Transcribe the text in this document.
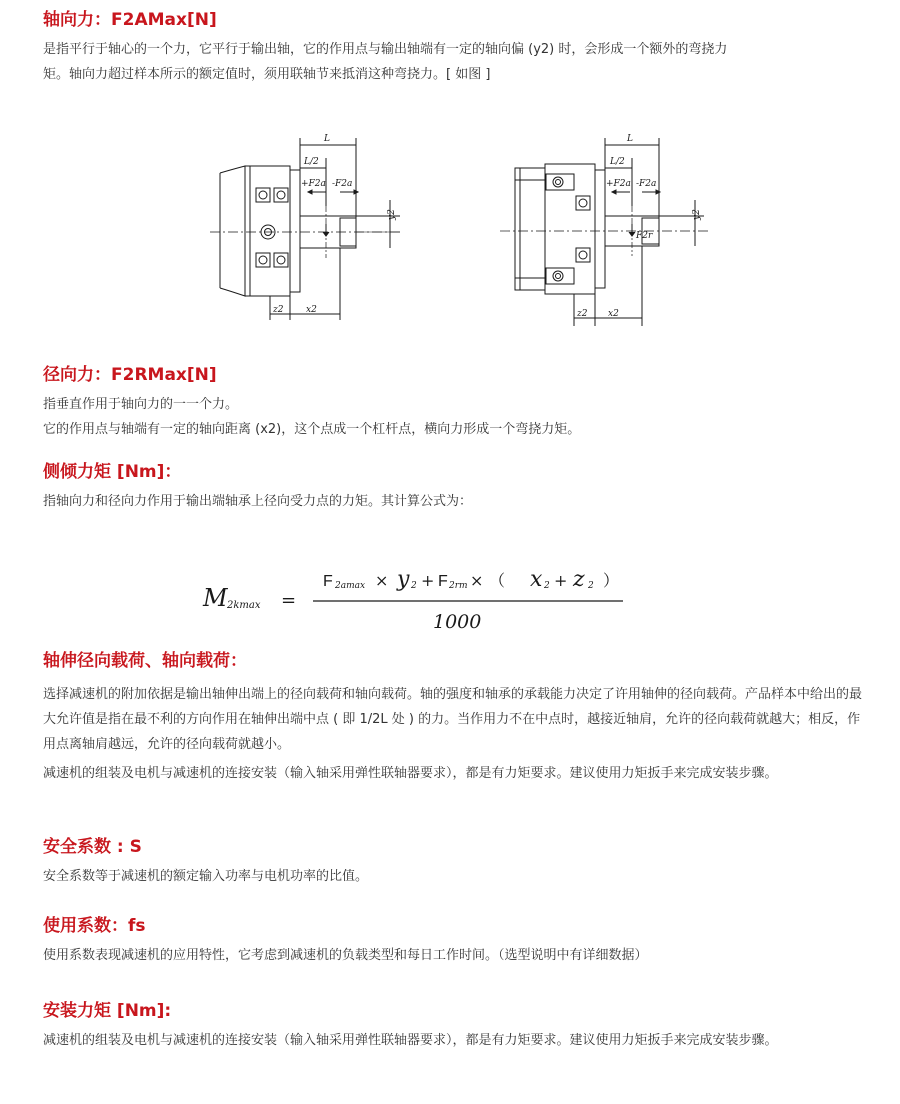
轴向力：F2AMax[N]

是指平行于轴心的一个力，它平行于输出轴，它的作用点与输出轴端有一定的轴向偏 (y2) 时，会形成一个额外的弯挠力矩。轴向力超过样本所示的额定值时，须用联轴节来抵消这种弯挠力。[ 如图 ]

L
L/2
+F2a -F2a
y2
z2	x2
L
L/2
+F2a -F2a
y2
F2r
z2 x2
径向力：F2RMax[N]

指垂直作用于轴向力的一一个力。

它的作用点与轴端有一定的轴向距离 (x2)，这个点成一个杠杆点，横向力形成一个弯挠力矩。

侧倾力矩 [Nm]：

指轴向力和径向力作用于输出端轴承上径向受力点的力矩。其计算公式为：

M 2kmax =
F 2amax × y 2 + F 2rm × （ x 2 + z 2 ）
1000
轴伸径向载荷、轴向载荷：

选择减速机的附加依据是输出轴伸出端上的径向载荷和轴向载荷。轴的强度和轴承的承载能力决定了许用轴伸的径向载荷。产品样本中给出的最大允许值是指在最不利的方向作用在轴伸出端中点 ( 即 1/2L 处 ) 的力。当作用力不在中点时，越接近轴肩，允许的径向载荷就越大；相反，作用点离轴肩越远，允许的径向载荷就越小。

减速机的组装及电机与减速机的连接安装（输入轴采用弹性联轴器要求），都是有力矩要求。建议使用力矩扳手来完成安装步骤。

安全系数 : S

安全系数等于减速机的额定输入功率与电机功率的比值。

使用系数：fs

使用系数表现减速机的应用特性，它考虑到减速机的负载类型和每日工作时间。（选型说明中有详细数据）

安装力矩 [Nm]:

减速机的组装及电机与减速机的连接安装（输入轴采用弹性联轴器要求），都是有力矩要求。建议使用力矩扳手来完成安装步骤。
